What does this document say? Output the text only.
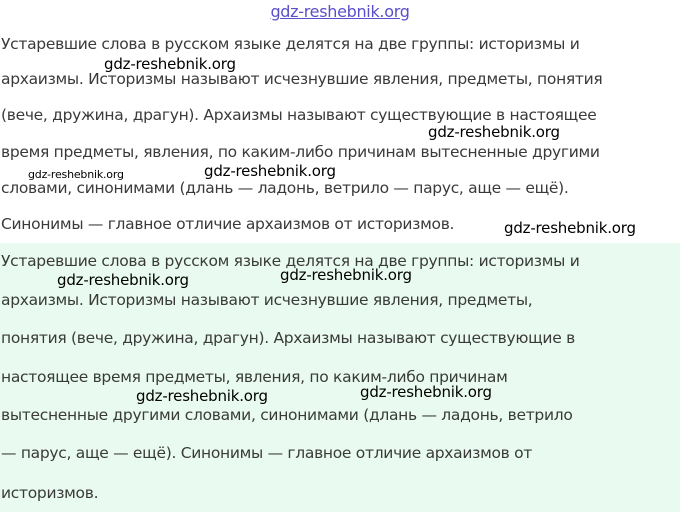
gdz-reshebnik.org
Устаревшие слова в русском языке делятся на две группы: историзмы и
архаизмы. Историзмы называют исчезнувшие явления, предметы, понятия
(вече, дружина, драгун). Архаизмы называют существующие в настоящее
время предметы, явления, по каким-либо причинам вытесненные другими
словами, синонимами (длань — ладонь, ветрило — парус, аще — ещё).
Синонимы — главное отличие архаизмов от историзмов.
Устаревшие слова в русском языке делятся на две группы: историзмы и
архаизмы. Историзмы называют исчезнувшие явления, предметы,
понятия (вече, дружина, драгун). Архаизмы называют существующие в
настоящее время предметы, явления, по каким-либо причинам
вытесненные другими словами, синонимами (длань — ладонь, ветрило
— парус, аще — ещё). Синонимы — главное отличие архаизмов от
историзмов.
gdz-reshebnik.org
gdz-reshebnik.org
gdz-reshebnik.org	gdz-reshebnik.org
gdz-reshebnik.org
gdz-reshebnik.org	gdz-reshebnik.org
gdz-reshebnik.org	gdz-reshebnik.org
